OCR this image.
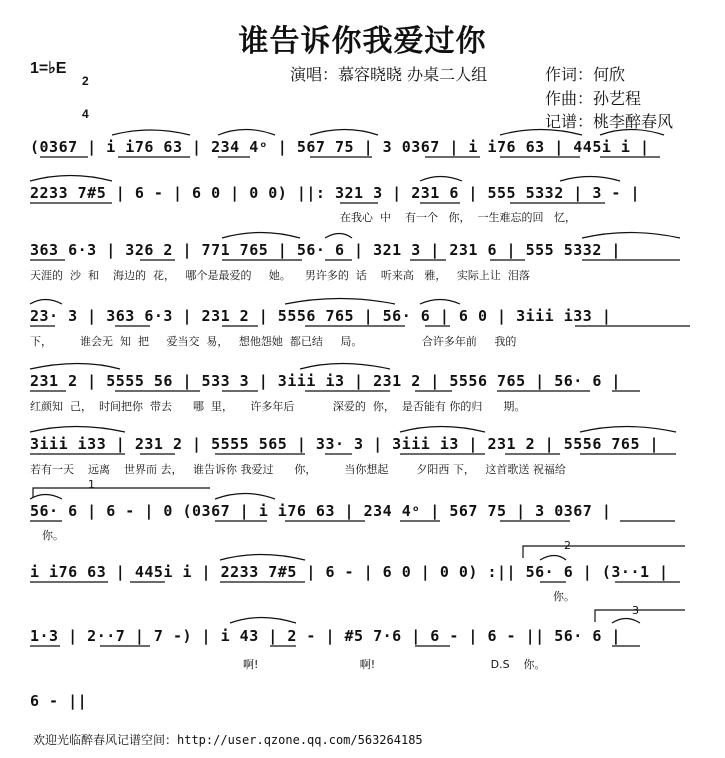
谁告诉你我爱过你
1=♭E

2

4

演唱：慕容晓晓 办桌二人组	作词：何欣
作曲：孙艺程
记谱：桃李醉春风
(0367 | i i76 63 | 234 4ᵒ | 567 75 | 3 0367 | i i76 63 | 445i i |
2233 7#5 | 6 - | 6 0 | 0 0) ||: 321 3 | 231 6 | 555 5332 | 3 - |
在我心  中    有一个   你，  一生难忘的回   忆，
363 6·3 | 326 2 | 771 765 | 56· 6 | 321 3 | 231 6 | 555 5332 |
天涯的  沙  和    海边的  花，   哪个是最爱的     她。    男许多的  话    听来高   雅，   实际上让  泪落
23· 3 | 363 6·3 | 231 2 | 5556 765 | 56· 6 | 6 0 | 3iii i33 |
下，        谁会无  知  把     爱当交  易，   想他怨她  都已结     局。                 合许多年前     我的
231 2 | 5555 56 | 533 3 | 3iii i3 | 231 2 | 5556 765 | 56· 6 |
红颜知  己，  时间把你  带去      哪  里，     许多年后           深爱的  你，  是否能有 你的归      期。
3iii i33 | 231 2 | 5555 565 | 33· 3 | 3iii i3 | 231 2 | 5556 765 |
若有一天    远离    世界而 去，   谁告诉你 我爱过      你，        当你想起        夕阳西 下，   这首歌送 祝福给
1
56· 6 | 6 - | 0 (0367 | i i76 63 | 234 4ᵒ | 567 75 | 3 0367 |
你。
2
i i76 63 | 445i i | 2233 7#5 | 6 - | 6 0 | 0 0) :|| 56· 6 | (3··1 |
你。
3
1·3 | 2··7 | 7 -) | i 43 | 2 - | #5 7·6 | 6 - | 6 - || 56· 6 |
啊!                             啊!                                 D.S    你。
6 - ||
欢迎光临醉春风记谱空间：http://user.qzone.qq.com/563264185
